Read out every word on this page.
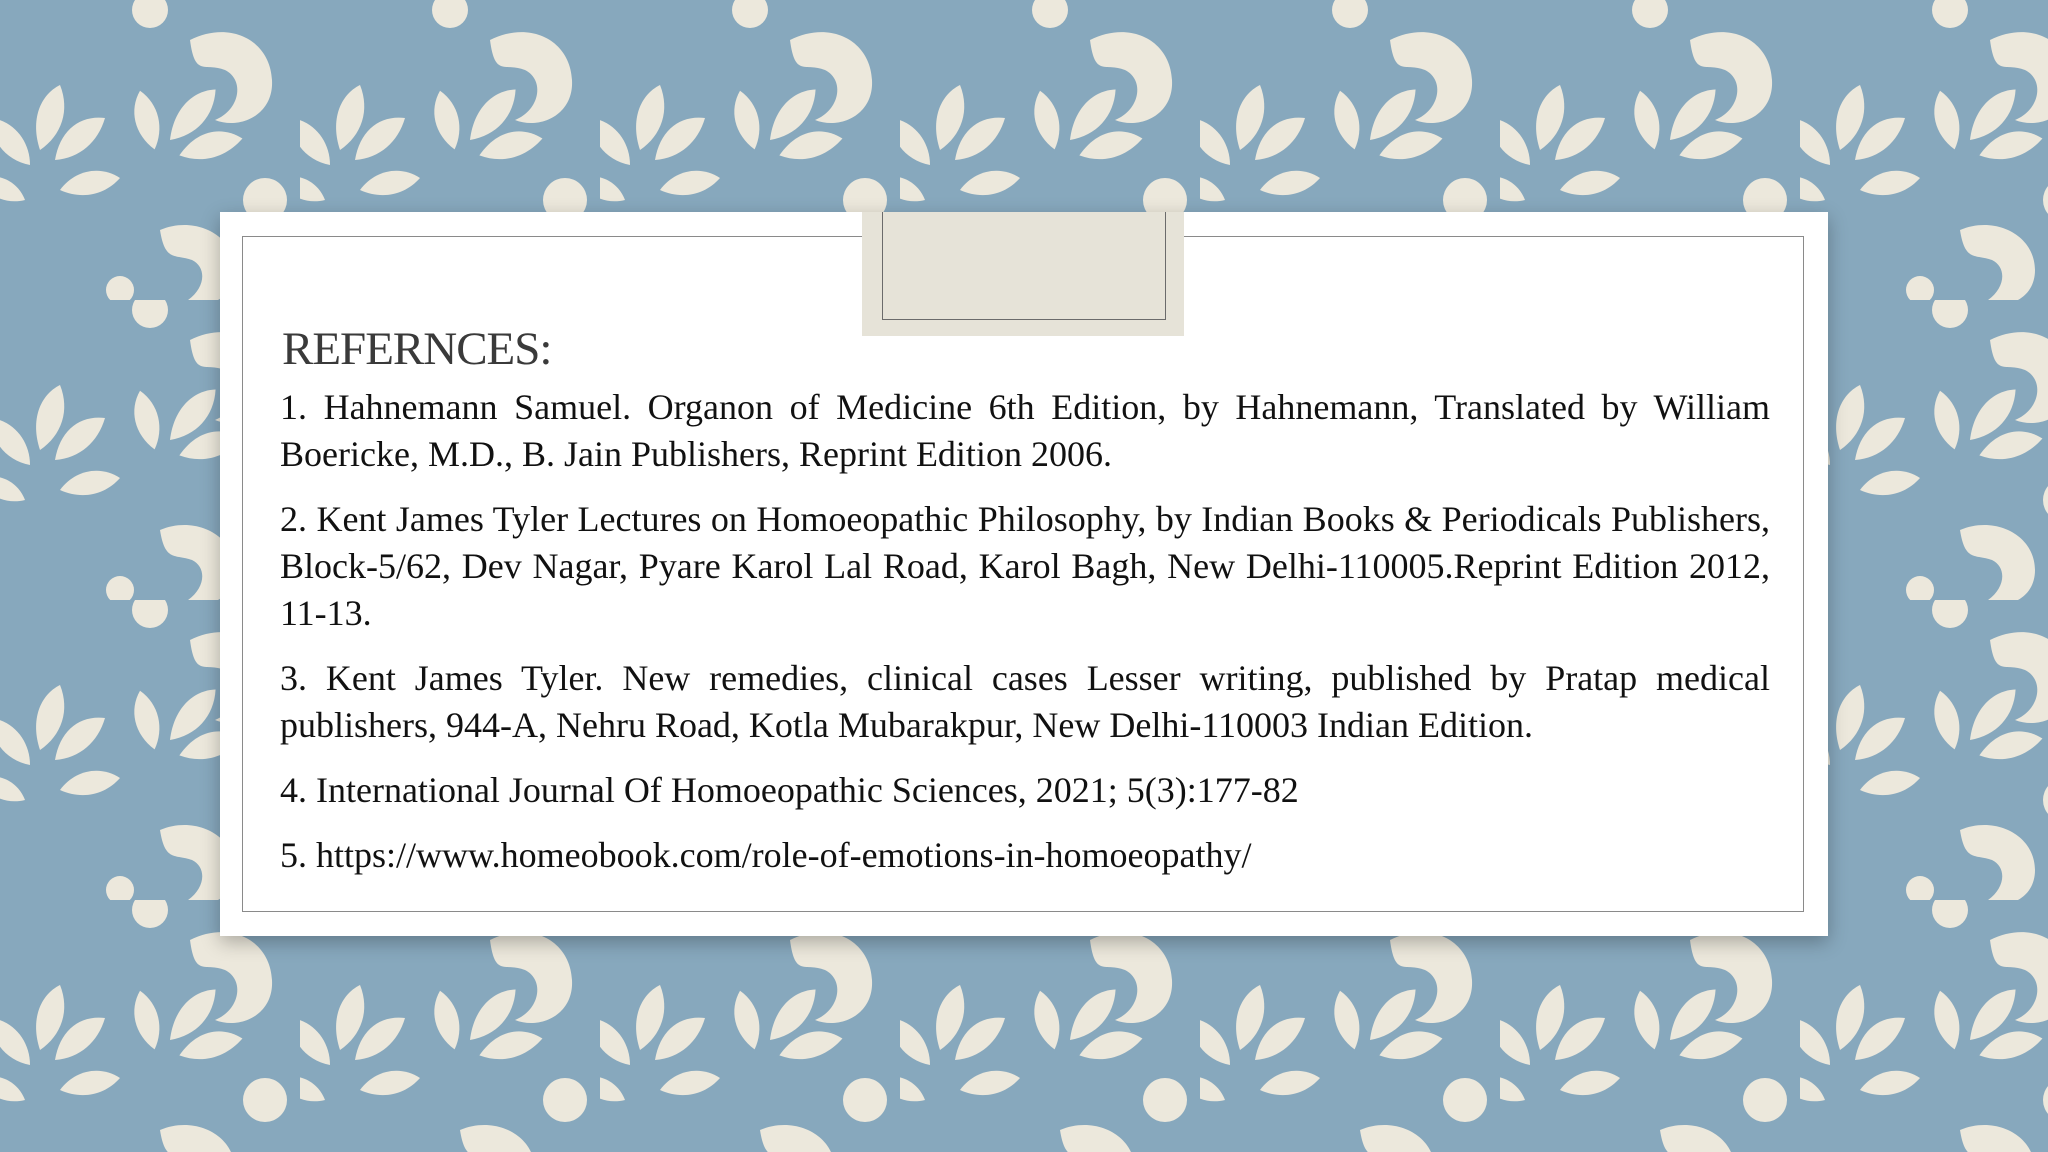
REFERNCES:
1. Hahnemann Samuel. Organon of Medicine 6th Edition, by Hahnemann, Translated by William Boericke, M.D., B. Jain Publishers, Reprint Edition 2006.
2. Kent James Tyler Lectures on Homoeopathic Philosophy, by Indian Books & Periodicals Publishers, Block-5/62, Dev Nagar, Pyare Karol Lal Road, Karol Bagh, New Delhi-110005.Reprint Edition 2012, 11-13.
3. Kent James Tyler. New remedies, clinical cases Lesser writing, published by Pratap medical publishers, 944-A, Nehru Road, Kotla Mubarakpur, New Delhi-110003 Indian Edition.
4. International Journal Of Homoeopathic Sciences, 2021; 5(3):177-82
5. https://www.homeobook.com/role-of-emotions-in-homoeopathy/
